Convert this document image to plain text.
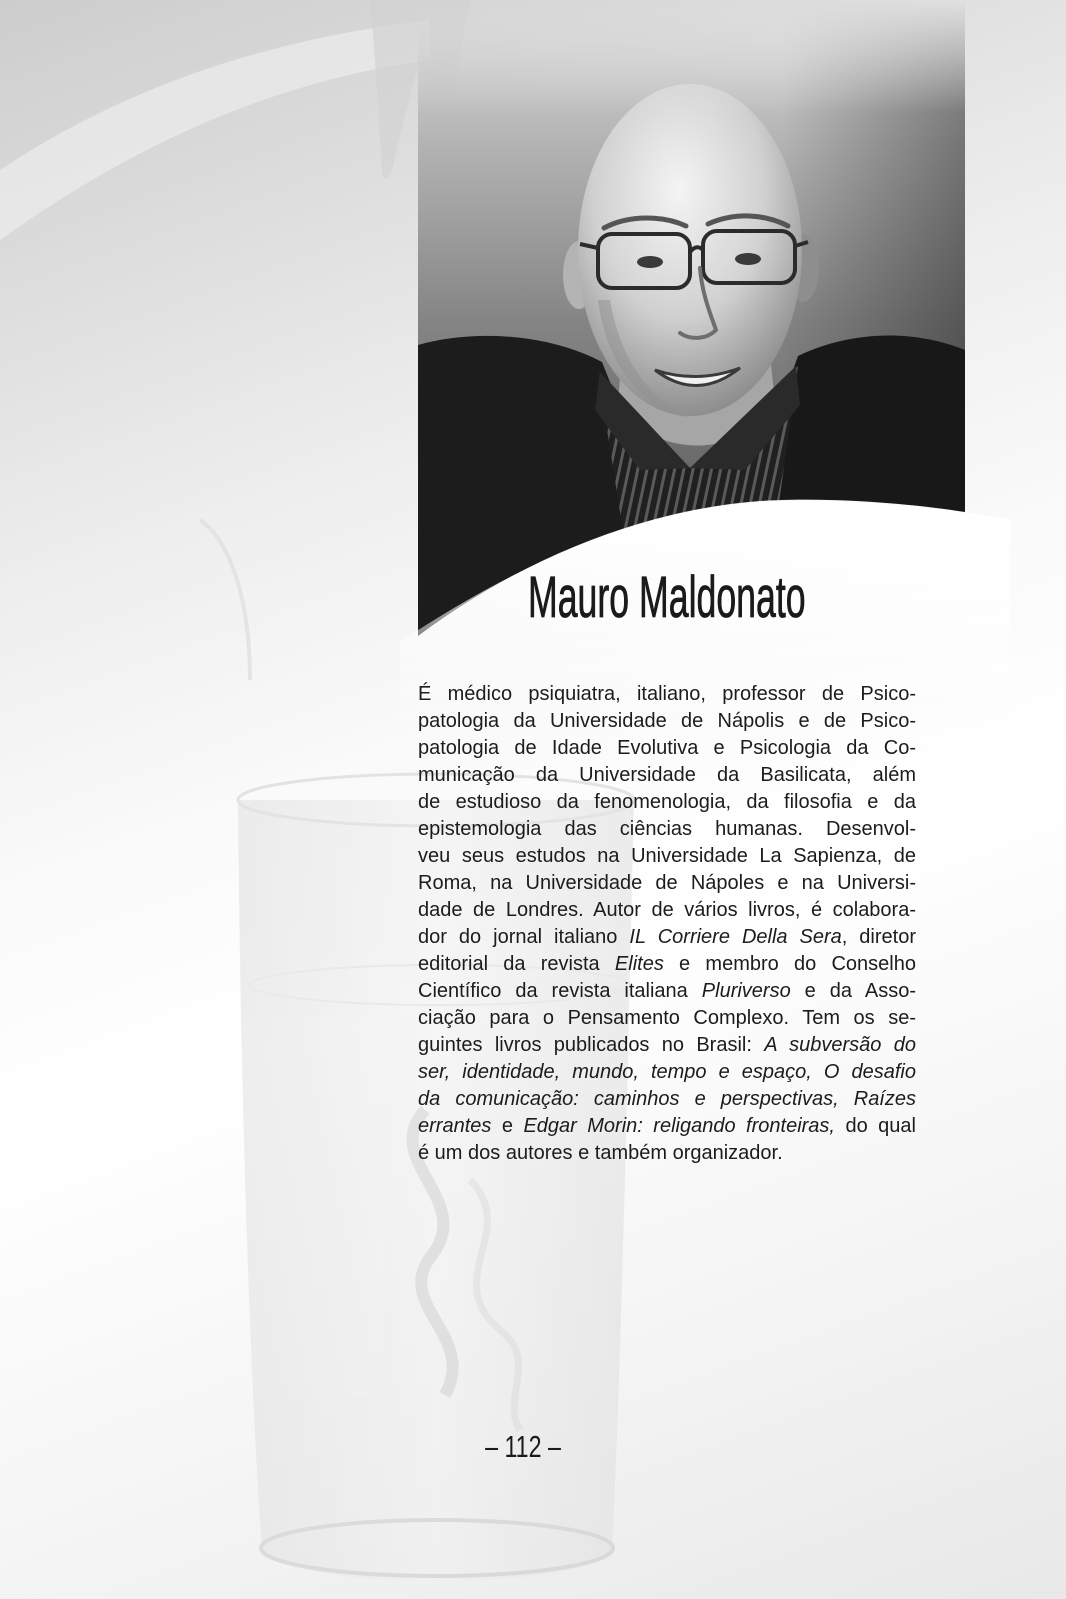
Mauro Maldonato
É médico psiquiatra, italiano, professor de Psico-
patologia da Universidade de Nápolis e de Psico-
patologia de Idade Evolutiva e Psicologia da Co-
municação da Universidade da Basilicata, além
de estudioso da fenomenologia, da filosofia e da
epistemologia das ciências humanas. Desenvol-
veu seus estudos na Universidade La Sapienza, de
Roma, na Universidade de Nápoles e na Universi-
dade de Londres. Autor de vários livros, é colabora-
dor do jornal italiano IL Corriere Della Sera, diretor
editorial da revista Elites e membro do Conselho
Científico da revista italiana Pluriverso e da Asso-
ciação para o Pensamento Complexo. Tem os se-
guintes livros publicados no Brasil: A subversão do
ser, identidade, mundo, tempo e espaço, O desafio
da comunicação: caminhos e perspectivas, Raízes
errantes e Edgar Morin: religando fronteiras, do qual
é um dos autores e também organizador.
– 112 –
